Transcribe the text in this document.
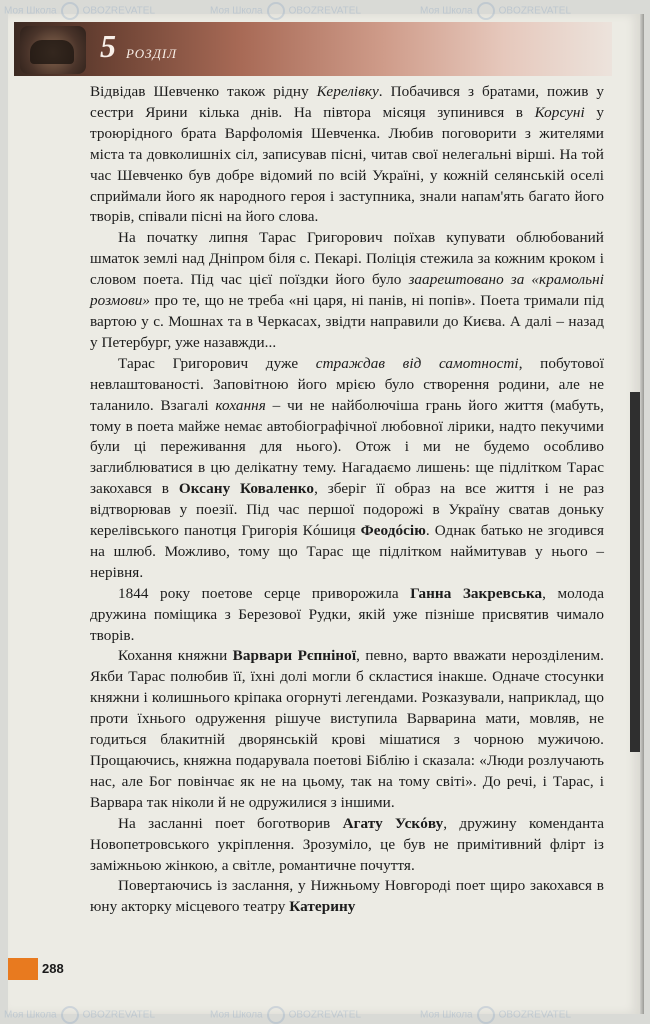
5 РОЗДІЛ

Відвідав Шевченко також рідну Керелівку. Побачився з братами, пожив у сестри Ярини кілька днів. На півтора місяця зупинився в Корсуні у троюрідного брата Варфоломія Шевченка. Любив поговорити з жителями міста та довколишніх сіл, записував пісні, читав свої нелегальні вірші. На той час Шевченко був добре відомий по всій Україні, у кожній селянській оселі сприймали його як народного героя і заступника, знали напам'ять багато його творів, співали пісні на його слова.

На початку липня Тарас Григорович поїхав купувати облюбований шматок землі над Дніпром біля с. Пекарі. Поліція стежила за кожним кроком і словом поета. Під час цієї поїздки його було заарештовано за «крамольні розмови» про те, що не треба «ні царя, ні панів, ні попів». Поета тримали під вартою у с. Мошнах та в Черкасах, звідти направили до Києва. А далі – назад у Петербург, уже назавжди...

Тарас Григорович дуже страждав від самотності, побутової невлаштованості. Заповітною його мрією було створення родини, але не таланило. Взагалі кохання – чи не найболючіша грань його життя (мабуть, тому в поета майже немає автобіографічної любовної лірики, надто пекучими були ці переживання для нього). Отож і ми не будемо особливо заглиблюватися в цю делікатну тему. Нагадаємо лишень: ще підлітком Тарас закохався в Оксану Коваленко, зберіг її образ на все життя і не раз відтворював у поезії. Під час першої подорожі в Україну сватав доньку керелівського панотця Григорія Кóшиця Феодóсію. Однак батько не згодився на шлюб. Можливо, тому що Тарас ще підлітком наймитував у нього – нерівня.

1844 року поетове серце приворожила Ганна Закревська, молода дружина поміщика з Березової Рудки, якій уже пізніше присвятив чимало творів.

Кохання княжни Варвари Рєпніної, певно, варто вважати нерозділеним. Якби Тарас полюбив її, їхні долі могли б скластися інакше. Одначе стосунки княжни і колишнього кріпака огорнуті легендами. Розказували, наприклад, що проти їхнього одруження рішуче виступила Варварина мати, мовляв, не годиться блакитній дворянській крові мішатися з чорною мужичою. Прощаючись, княжна подарувала поетові Біблію і сказала: «Люди розлучають нас, але Бог повінчає як не на цьому, так на тому світі». До речі, і Тарас, і Варвара так ніколи й не одружилися з іншими.

На засланні поет боготворив Агату Ускóву, дружину коменданта Новопетровського укріплення. Зрозуміло, це був не примітивний флірт із заміжньою жінкою, а світле, романтичне почуття.

Повертаючись із заслання, у Нижньому Новгороді поет щиро закохався в юну акторку місцевого театру Катерину

288
Моя Школа	OBOZREVATEL
Моя Школа	OBOZREVATEL	Моя Школа	OBOZREVATEL
Моя Школа	OBOZREVATEL	Моя Школа	OBOZREVATEL	Моя Школа	OBOZREVATEL
